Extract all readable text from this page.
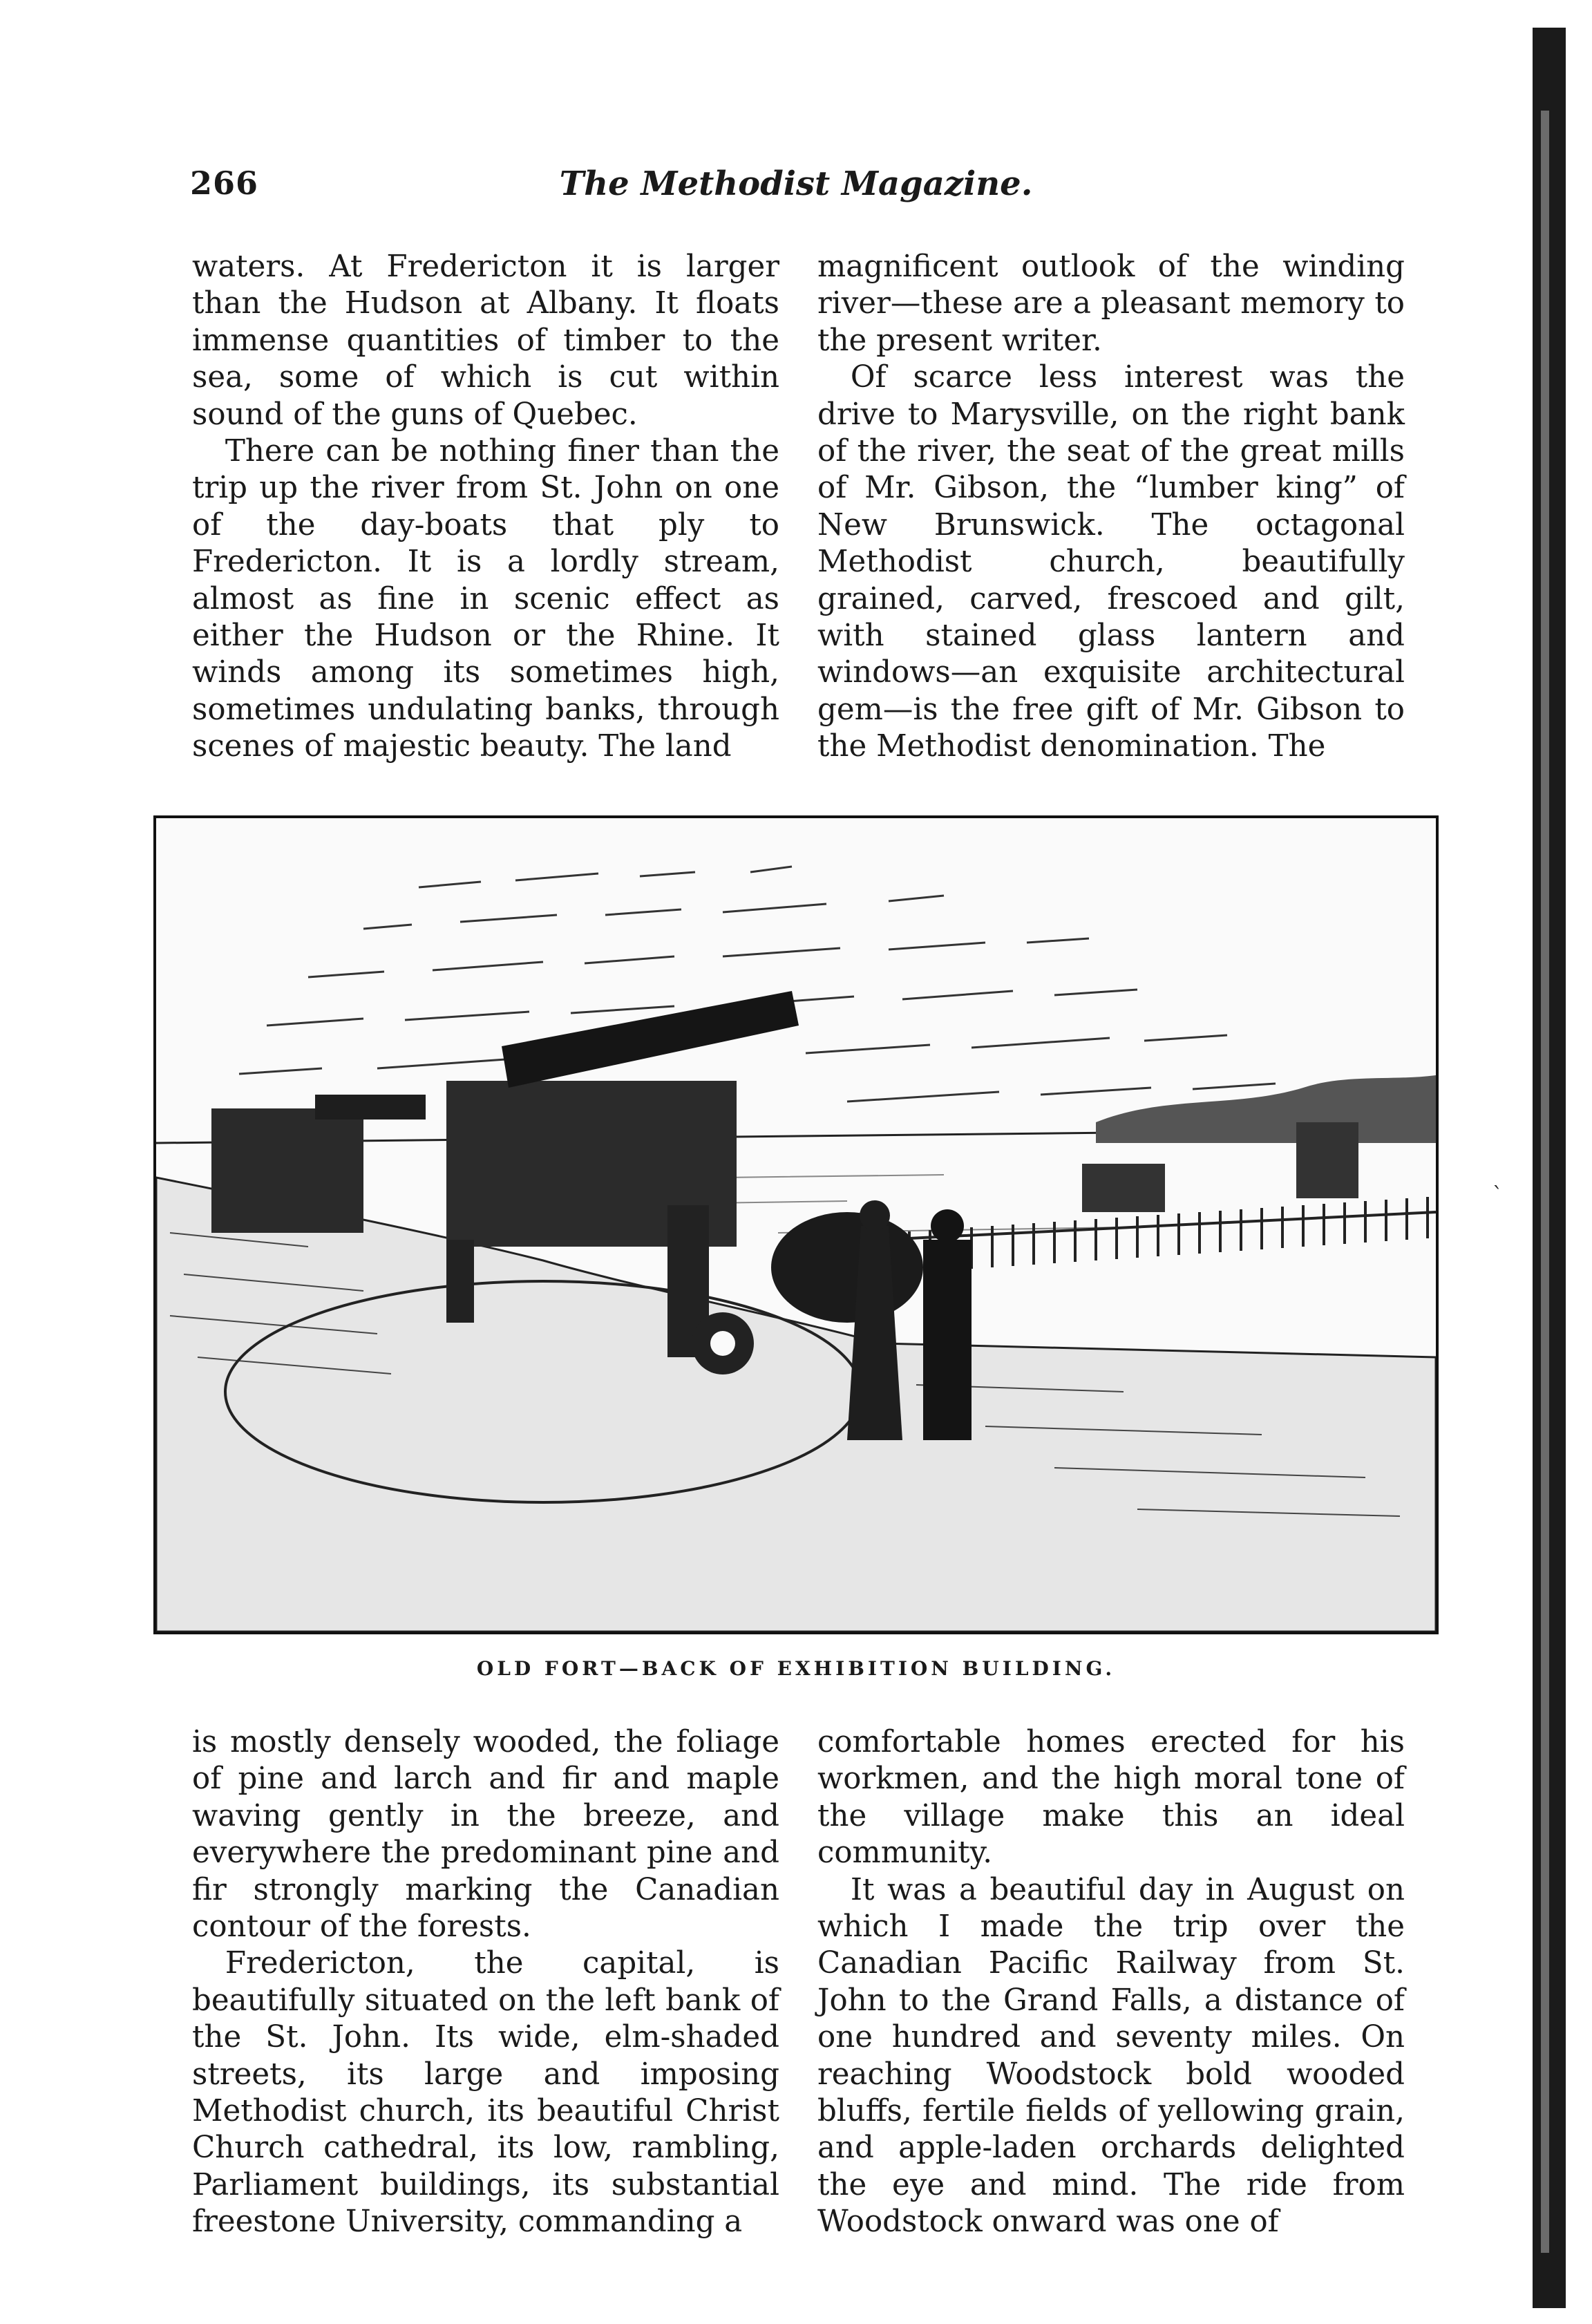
266	The Methodist Magazine.

waters. At Fredericton it is larger than the Hudson at Albany. It floats immense quantities of timber to the sea, some of which is cut within sound of the guns of Quebec.

There can be nothing finer than the trip up the river from St. John on one of the day-boats that ply to Fredericton. It is a lordly stream, almost as fine in scenic effect as either the Hudson or the Rhine. It winds among its sometimes high, sometimes undulating banks, through scenes of majestic beauty. The land

magnificent outlook of the winding river—these are a pleasant memory to the present writer.

Of scarce less interest was the drive to Marysville, on the right bank of the river, the seat of the great mills of Mr. Gibson, the “lumber king” of New Brunswick. The octagonal Methodist church, beautifully grained, carved, frescoed and gilt, with stained glass lantern and windows—an exquisite architectural gem—is the free gift of Mr. Gibson to the Methodist denomination. The

OLD FORT—BACK OF EXHIBITION BUILDING.

is mostly densely wooded, the foliage of pine and larch and fir and maple waving gently in the breeze, and everywhere the predominant pine and fir strongly marking the Canadian contour of the forests.

Fredericton, the capital, is beautifully situated on the left bank of the St. John. Its wide, elm-shaded streets, its large and imposing Methodist church, its beautiful Christ Church cathedral, its low, rambling, Parliament buildings, its substantial freestone University, commanding a

comfortable homes erected for his workmen, and the high moral tone of the village make this an ideal community.

It was a beautiful day in August on which I made the trip over the Canadian Pacific Railway from St. John to the Grand Falls, a distance of one hundred and seventy miles. On reaching Woodstock bold wooded bluffs, fertile fields of yellowing grain, and apple-laden orchards delighted the eye and mind. The ride from Woodstock onward was one of

`
